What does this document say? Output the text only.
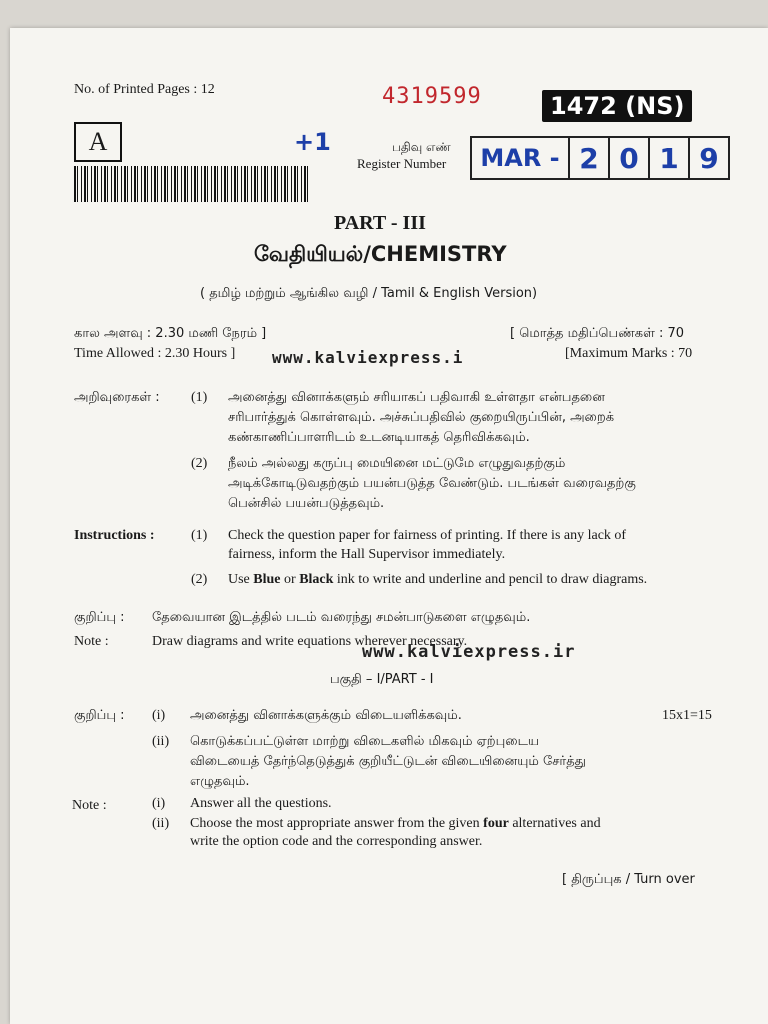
No. of Printed Pages : 12	4319599	1472 (NS)
A	+1	பதிவு எண்
Register Number	MAR - 2 0 1 9
PART - III
வேதியியல்/CHEMISTRY
( தமிழ் மற்றும் ஆங்கில வழி / Tamil & English Version)
கால அளவு : 2.30 மணி நேரம் ]	[ மொத்த மதிப்பெண்கள் : 70
Time Allowed : 2.30 Hours ] www.kalviexpress.i	[Maximum Marks : 70
அறிவுரைகள் : (1) அனைத்து வினாக்களும் சரியாகப் பதிவாகி உள்ளதா என்பதனை
சரிபார்த்துக் கொள்ளவும். அச்சுப்பதிவில் குறையிருப்பின், அறைக்
கண்காணிப்பாளரிடம் உடனடியாகத் தெரிவிக்கவும்.
(2) நீலம் அல்லது கருப்பு மையினை மட்டுமே எழுதுவதற்கும்
அடிக்கோடிடுவதற்கும் பயன்படுத்த வேண்டும். படங்கள் வரைவதற்கு
பென்சில் பயன்படுத்தவும்.
Instructions :	(1) Check the question paper for fairness of printing. If there is any lack of
fairness, inform the Hall Supervisor immediately.
(2) Use Blue or Black ink to write and underline and pencil to draw diagrams.
குறிப்பு : தேவையான இடத்தில் படம் வரைந்து சமன்பாடுகளை எழுதவும்.
Note :	Draw diagrams and write equations wherever necessary.
www.kalviexpress.ir
பகுதி – I/PART - I
குறிப்பு : (i) அனைத்து வினாக்களுக்கும் விடையளிக்கவும்.	15x1=15
(ii) கொடுக்கப்பட்டுள்ள மாற்று விடைகளில் மிகவும் ஏற்புடைய
விடையைத் தேர்ந்தெடுத்துக் குறியீட்டுடன் விடையினையும் சேர்த்து
எழுதவும்.
Note :	(i) Answer all the questions.
(ii) Choose the most appropriate answer from the given four alternatives and
write the option code and the corresponding answer.
[ திருப்புக / Turn over
